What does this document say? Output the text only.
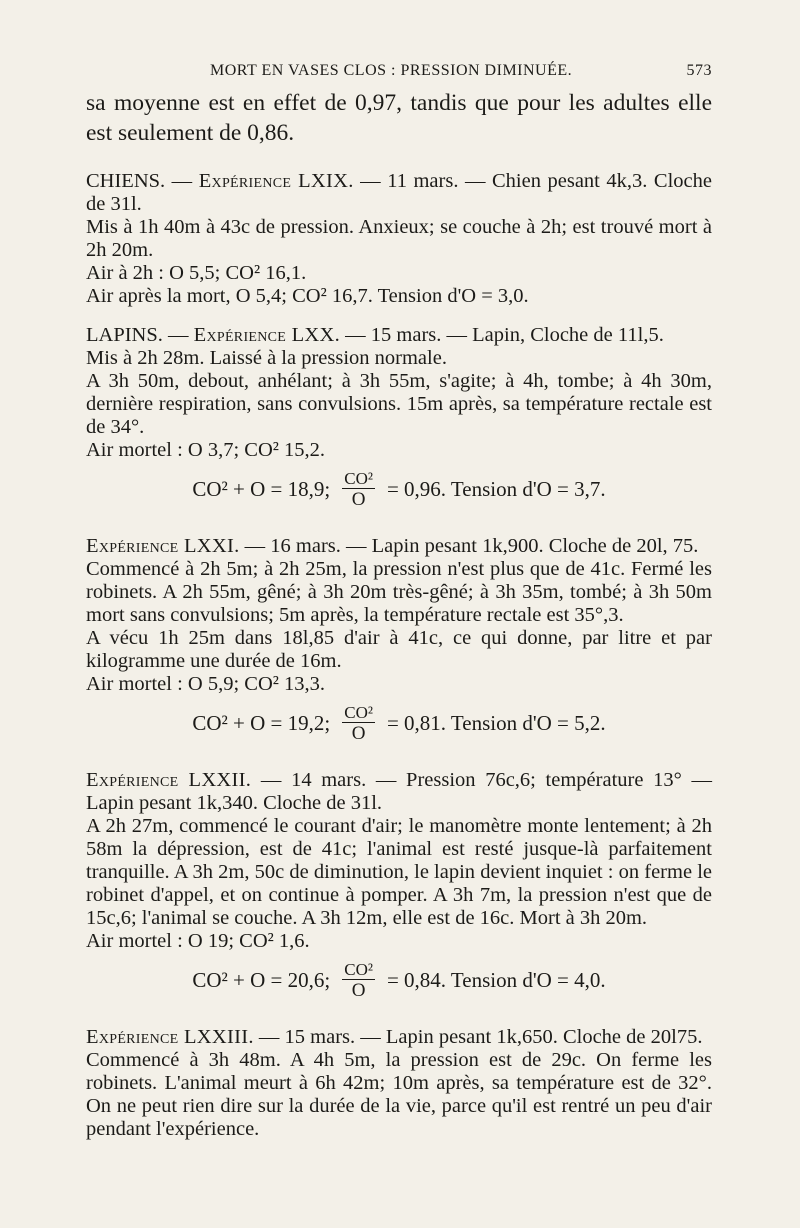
MORT EN VASES CLOS : PRESSION DIMINUÉE.	573

sa moyenne est en effet de 0,97, tandis que pour les adultes elle est seulement de 0,86.

CHIENS. — Expérience LXIX. — 11 mars. — Chien pesant 4k,3. Cloche de 31l.

Mis à 1h 40m à 43c de pression. Anxieux; se couche à 2h; est trouvé mort à 2h 20m.

Air à 2h : O 5,5; CO² 16,1.

Air après la mort, O 5,4; CO² 16,7. Tension d'O = 3,0.

LAPINS. — Expérience LXX. — 15 mars. — Lapin, Cloche de 11l,5.

Mis à 2h 28m. Laissé à la pression normale.

A 3h 50m, debout, anhélant; à 3h 55m, s'agite; à 4h, tombe; à 4h 30m, dernière respiration, sans convulsions. 15m après, sa température rectale est de 34°.

Air mortel : O 3,7; CO² 15,2.

CO² + O = 18,9; $\frac{\text{CO²}}{O} = 0,96$. Tension d'O = 3,7.

Expérience LXXI. — 16 mars. — Lapin pesant 1k,900. Cloche de 20l, 75.

Commencé à 2h 5m; à 2h 25m, la pression n'est plus que de 41c. Fermé les robinets. A 2h 55m, gêné; à 3h 20m très-gêné; à 3h 35m, tombé; à 3h 50m mort sans convulsions; 5m après, la température rectale est 35°,3.

A vécu 1h 25m dans 18l,85 d'air à 41c, ce qui donne, par litre et par kilogramme une durée de 16m.

Air mortel : O 5,9; CO² 13,3.

CO² + O = 19,2; $\frac{\text{CO²}}{O} = 0,81$. Tension d'O = 5,2.

Expérience LXXII. — 14 mars. — Pression 76c,6; température 13° — Lapin pesant 1k,340. Cloche de 31l.

A 2h 27m, commencé le courant d'air; le manomètre monte lentement; à 2h 58m la dépression, est de 41c; l'animal est resté jusque-là parfaitement tranquille. A 3h 2m, 50c de diminution, le lapin devient inquiet : on ferme le robinet d'appel, et on continue à pomper. A 3h 7m, la pression n'est que de 15c,6; l'animal se couche. A 3h 12m, elle est de 16c. Mort à 3h 20m.

Air mortel : O 19; CO² 1,6.

CO² + O = 20,6; $\frac{\text{CO²}}{O} = 0,84$. Tension d'O = 4,0.

Expérience LXXIII. — 15 mars. — Lapin pesant 1k,650. Cloche de 20l75.

Commencé à 3h 48m. A 4h 5m, la pression est de 29c. On ferme les robinets. L'animal meurt à 6h 42m; 10m après, sa température est de 32°. On ne peut rien dire sur la durée de la vie, parce qu'il est rentré un peu d'air pendant l'expérience.
